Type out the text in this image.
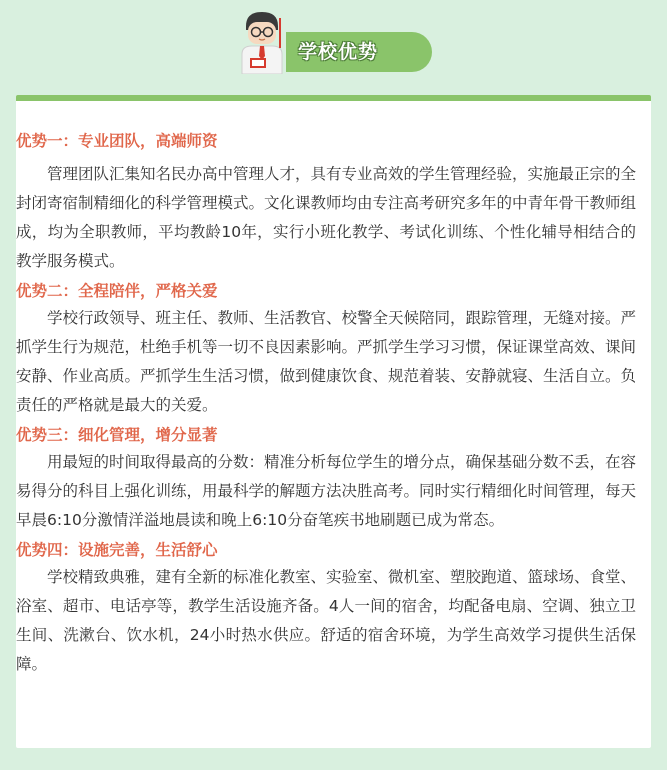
学校优势

优势一：专业团队，高端师资

管理团队汇集知名民办高中管理人才，具有专业高效的学生管理经验，实施最正宗的全封闭寄宿制精细化的科学管理模式。文化课教师均由专注高考研究多年的中青年骨干教师组成，均为全职教师，平均教龄10年，实行小班化教学、考试化训练、个性化辅导相结合的教学服务模式。

优势二：全程陪伴，严格关爱

学校行政领导、班主任、教师、生活教官、校警全天候陪同，跟踪管理，无缝对接。严抓学生行为规范，杜绝手机等一切不良因素影响。严抓学生学习习惯，保证课堂高效、课间安静、作业高质。严抓学生生活习惯，做到健康饮食、规范着装、安静就寝、生活自立。负责任的严格就是最大的关爱。

优势三：细化管理，增分显著

用最短的时间取得最高的分数：精准分析每位学生的增分点，确保基础分数不丢，在容易得分的科目上强化训练，用最科学的解题方法决胜高考。同时实行精细化时间管理，每天早晨6:10分激情洋溢地晨读和晚上6:10分奋笔疾书地刷题已成为常态。

优势四：设施完善，生活舒心

学校精致典雅，建有全新的标准化教室、实验室、微机室、塑胶跑道、篮球场、食堂、浴室、超市、电话亭等，教学生活设施齐备。4人一间的宿舍，均配备电扇、空调、独立卫生间、洗漱台、饮水机，24小时热水供应。舒适的宿舍环境，为学生高效学习提供生活保障。
